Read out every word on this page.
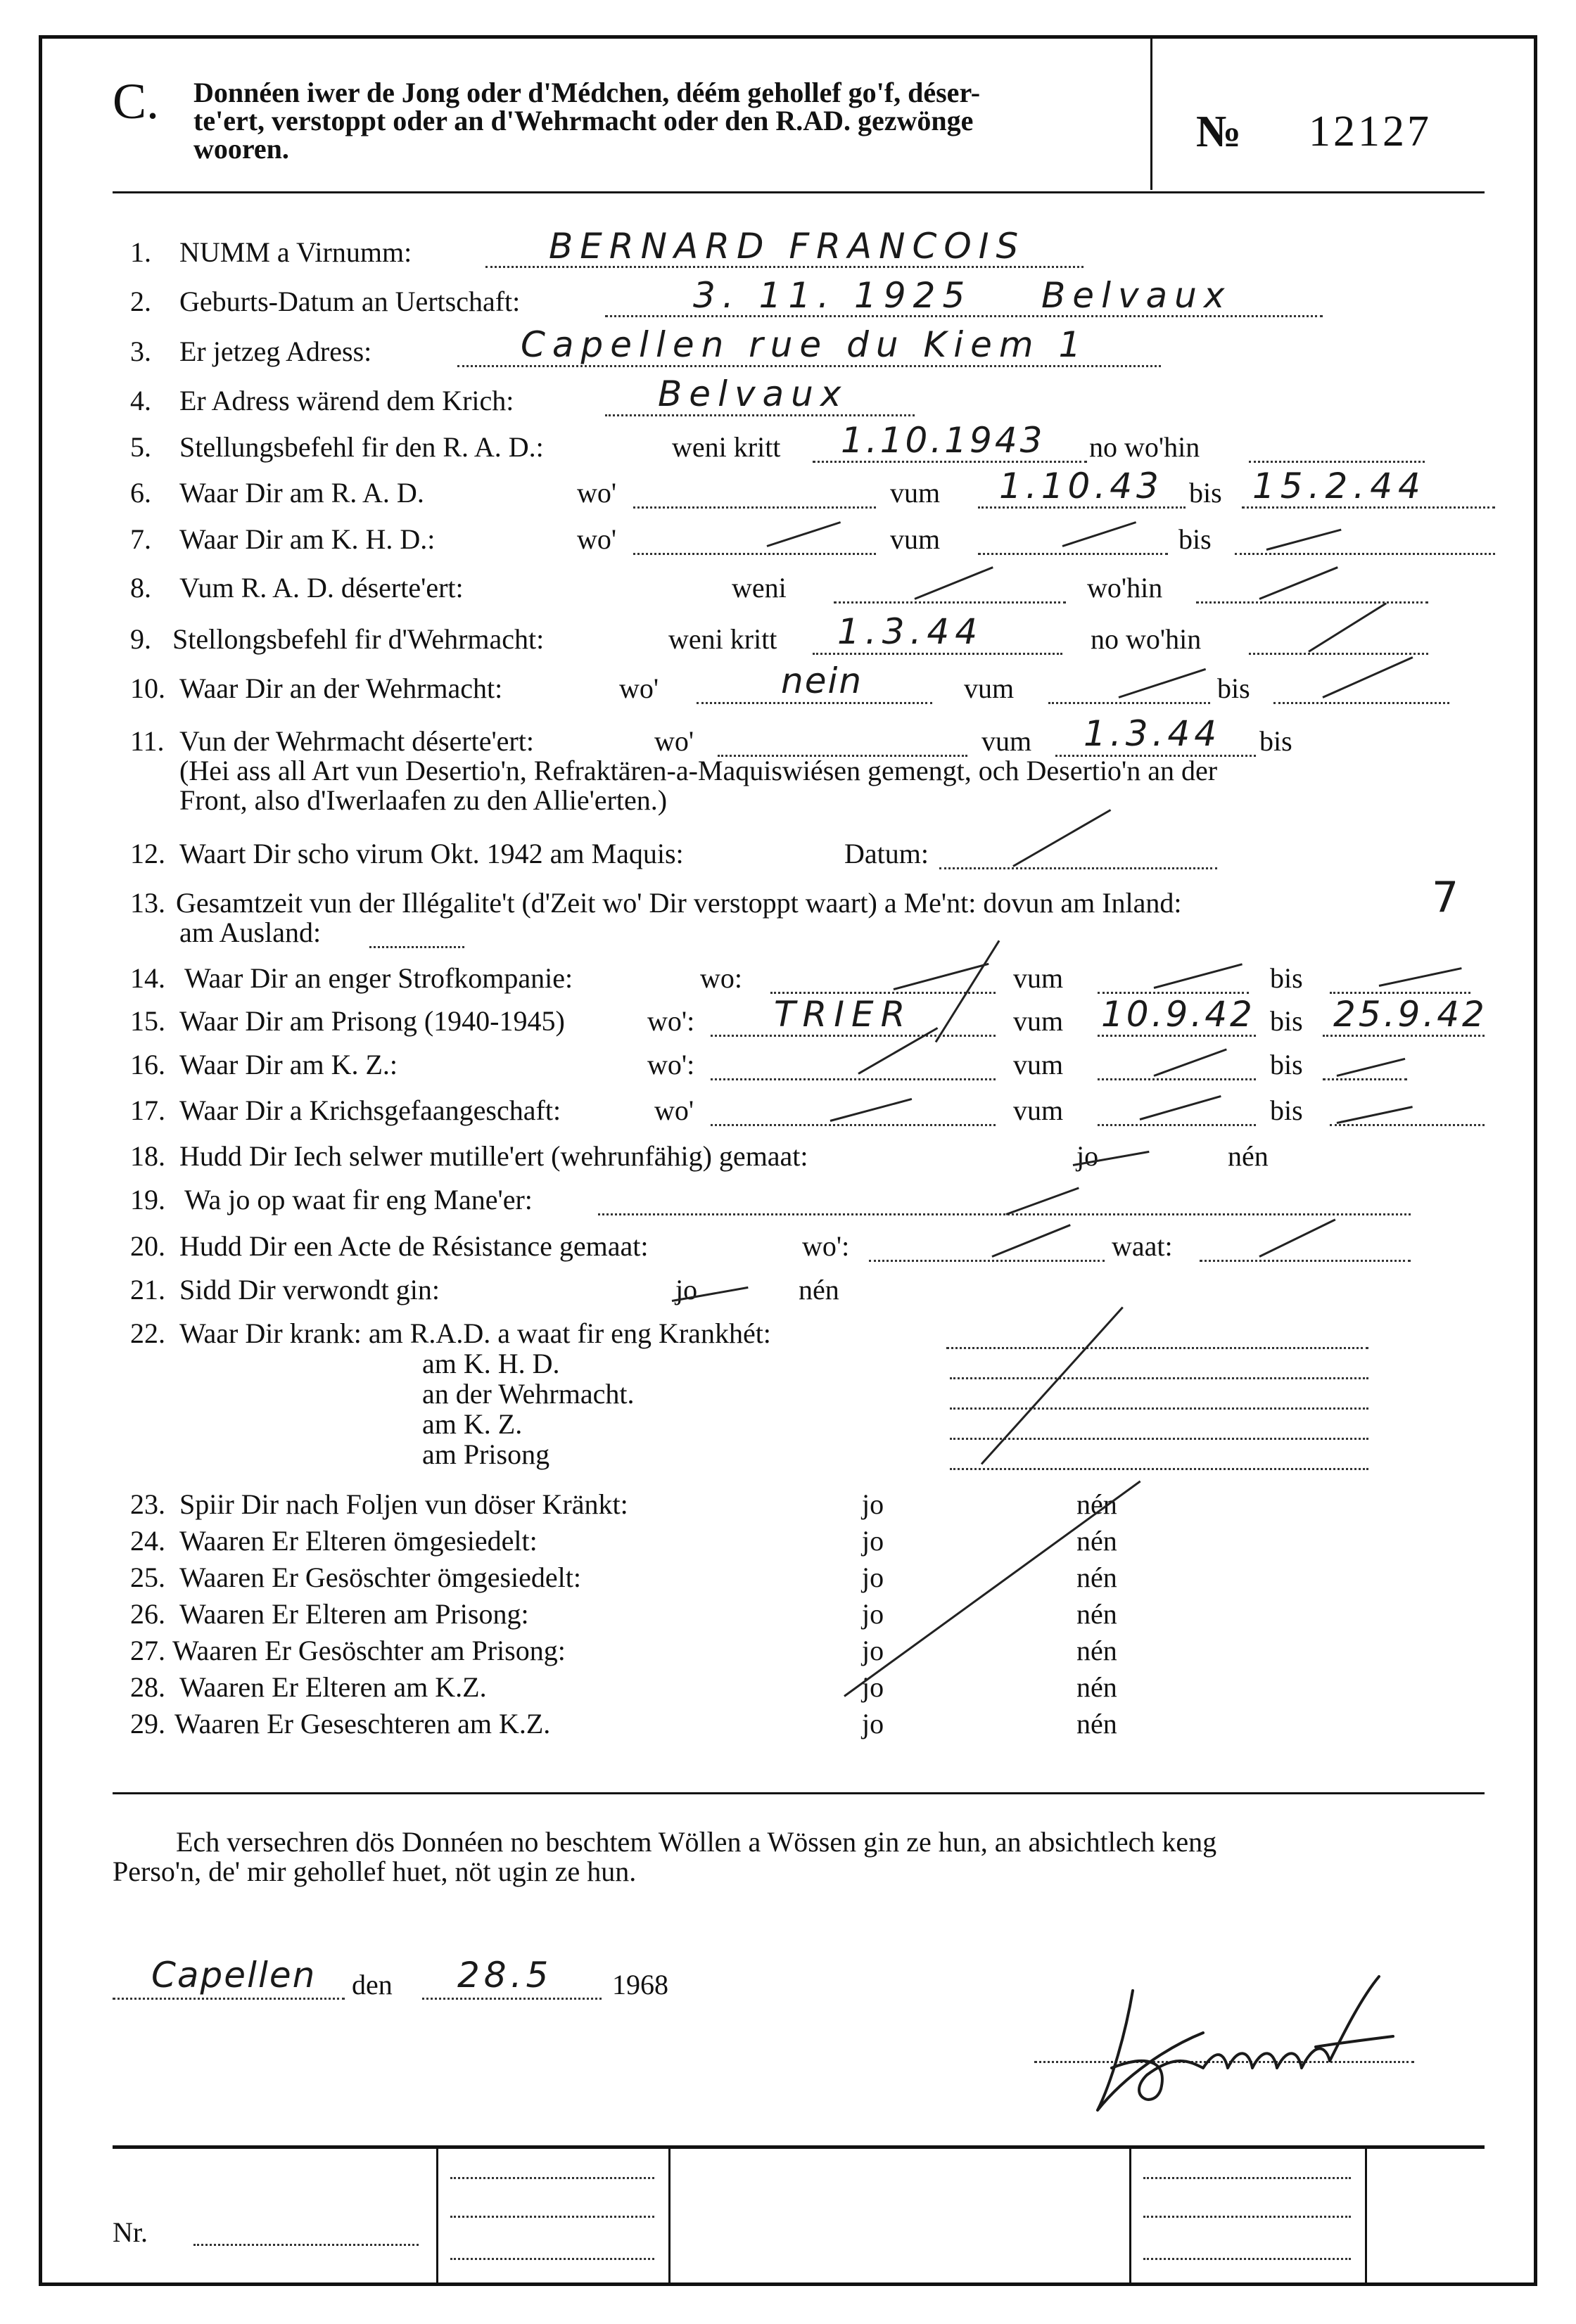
C. Donnéen iwer de Jong oder d'Médchen, déém gehollef go'f, déser-
te'ert, verstoppt oder an d'Wehrmacht oder den R.AD. gezwönge
wooren.	№ 12127
1. NUMM a Virnumm:	BERNARD FRANCOIS
2. Geburts-Datum an Uertschaft:	3. 11. 1925 Belvaux
3. Er jetzeg Adress:	Capellen rue du Kiem 1
4. Er Adress wärend dem Krich:	Belvaux
5. Stellungsbefehl fir den R. A. D.:	weni kritt 1.10.1943 no wo'hin
6. Waar Dir am R. A. D.	wo'	vum 1.10.43 bis 15.2.44
7. Waar Dir am K. H. D.:	wo'	vum	bis
8. Vum R. A. D. déserte'ert:	weni	wo'hin
9. Stellongsbefehl fir d'Wehrmacht:	weni kritt 1.3.44	no wo'hin
10. Waar Dir an der Wehrmacht:	wo'	nein	vum	bis
11. Vun der Wehrmacht déserte'ert:	wo'	vum 1.3.44 bis
(Hei ass all Art vun Desertio'n, Refraktären-a-Maquiswiésen gemengt, och Desertio'n an der
Front, also d'Iwerlaafen zu den Allie'erten.)
12. Waart Dir scho virum Okt. 1942 am Maquis:	Datum:
13. Gesamtzeit vun der Illégalite't (d'Zeit wo' Dir verstoppt waart) a Me'nt: dovun am Inland:	7
am Ausland:
14. Waar Dir an enger Strofkompanie:	wo:	vum	bis
15. Waar Dir am Prisong (1940-1945)	wo': TRIER	vum 10.9.42 bis 25.9.42
16. Waar Dir am K. Z.:	wo':	vum	bis
17. Waar Dir a Krichsgefaangeschaft:	wo'	vum	bis
18. Hudd Dir Iech selwer mutille'ert (wehrunfähig) gemaat:	jo	nén
19. Wa jo op waat fir eng Mane'er:
20. Hudd Dir een Acte de Résistance gemaat:	wo':	waat:
21. Sidd Dir verwondt gin:	jo	nén
22. Waar Dir krank: am R.A.D. a waat fir eng Krankhét:
am K. H. D.
an der Wehrmacht.
am K. Z.
am Prisong
23. Spiir Dir nach Foljen vun döser Kränkt:	jo	nén
24. Waaren Er Elteren ömgesiedelt:	jo	nén
25. Waaren Er Gesöschter ömgesiedelt:	jo	nén
26. Waaren Er Elteren am Prisong:	jo	nén
27. Waaren Er Gesöschter am Prisong:	jo	nén
28. Waaren Er Elteren am K.Z.	jo	nén
29. Waaren Er Geseschteren am K.Z.	jo	nén
Ech versechren dös Donnéen no beschtem Wöllen a Wössen gin ze hun, an absichtlech keng
Perso'n, de' mir gehollef huet, nöt ugin ze hun.
Capellen den 28.5 1968
Nr.
